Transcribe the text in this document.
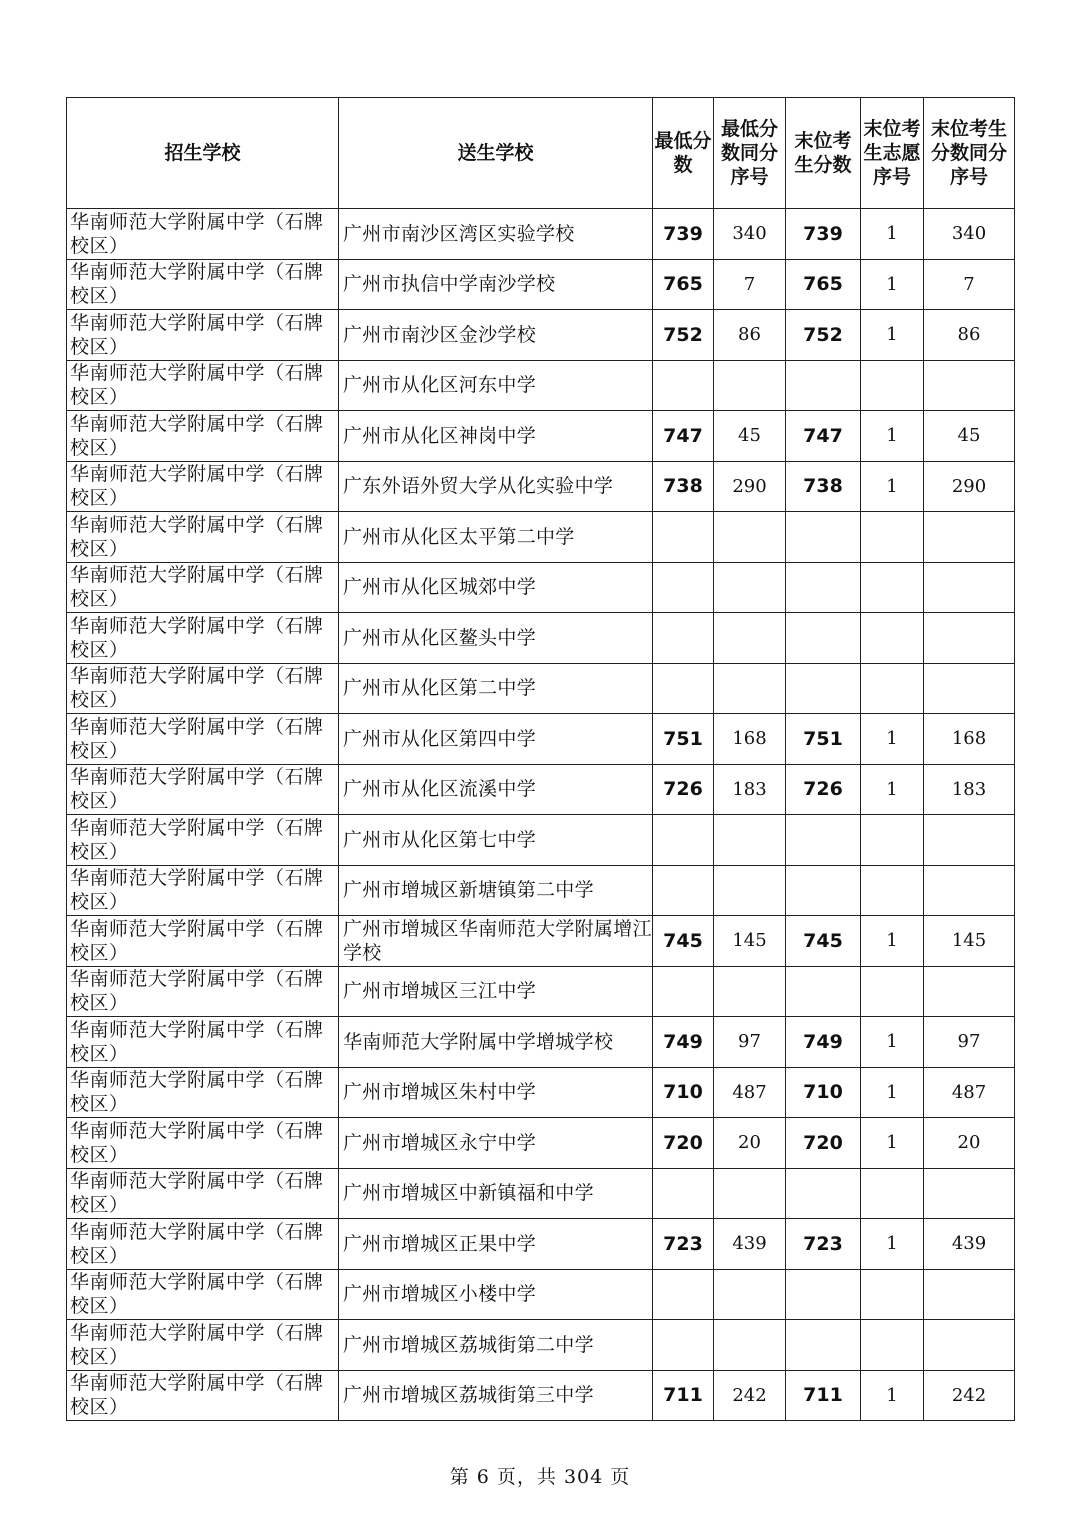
招生学校	送生学校	最低分数	最低分数同分序号	末位考生分数	末位考生志愿序号	末位考生分数同分序号

华南师范大学附属中学（石牌
校区）	广州市南沙区湾区实验学校	739	340	739	1	340

华南师范大学附属中学（石牌
校区）	广州市执信中学南沙学校	765	7	765	1	7

华南师范大学附属中学（石牌
校区）	广州市南沙区金沙学校	752	86	752	1	86

华南师范大学附属中学（石牌
校区）	广州市从化区河东中学					

华南师范大学附属中学（石牌
校区）	广州市从化区神岗中学	747	45	747	1	45

华南师范大学附属中学（石牌
校区）	广东外语外贸大学从化实验中学	738	290	738	1	290

华南师范大学附属中学（石牌
校区）	广州市从化区太平第二中学					

华南师范大学附属中学（石牌
校区）	广州市从化区城郊中学					

华南师范大学附属中学（石牌
校区）	广州市从化区鳌头中学					

华南师范大学附属中学（石牌
校区）	广州市从化区第二中学					

华南师范大学附属中学（石牌
校区）	广州市从化区第四中学	751	168	751	1	168

华南师范大学附属中学（石牌
校区）	广州市从化区流溪中学	726	183	726	1	183

华南师范大学附属中学（石牌
校区）	广州市从化区第七中学					

华南师范大学附属中学（石牌
校区）	广州市增城区新塘镇第二中学					

华南师范大学附属中学（石牌
校区）	广州市增城区华南师范大学附属增江学校	745	145	745	1	145

华南师范大学附属中学（石牌
校区）	广州市增城区三江中学					

华南师范大学附属中学（石牌
校区）	华南师范大学附属中学增城学校	749	97	749	1	97

华南师范大学附属中学（石牌
校区）	广州市增城区朱村中学	710	487	710	1	487

华南师范大学附属中学（石牌
校区）	广州市增城区永宁中学	720	20	720	1	20

华南师范大学附属中学（石牌
校区）	广州市增城区中新镇福和中学					

华南师范大学附属中学（石牌
校区）	广州市增城区正果中学	723	439	723	1	439

华南师范大学附属中学（石牌
校区）	广州市增城区小楼中学					

华南师范大学附属中学（石牌
校区）	广州市增城区荔城街第二中学					

华南师范大学附属中学（石牌
校区）	广州市增城区荔城街第三中学	711	242	711	1	242
第 6 页，共 304 页
